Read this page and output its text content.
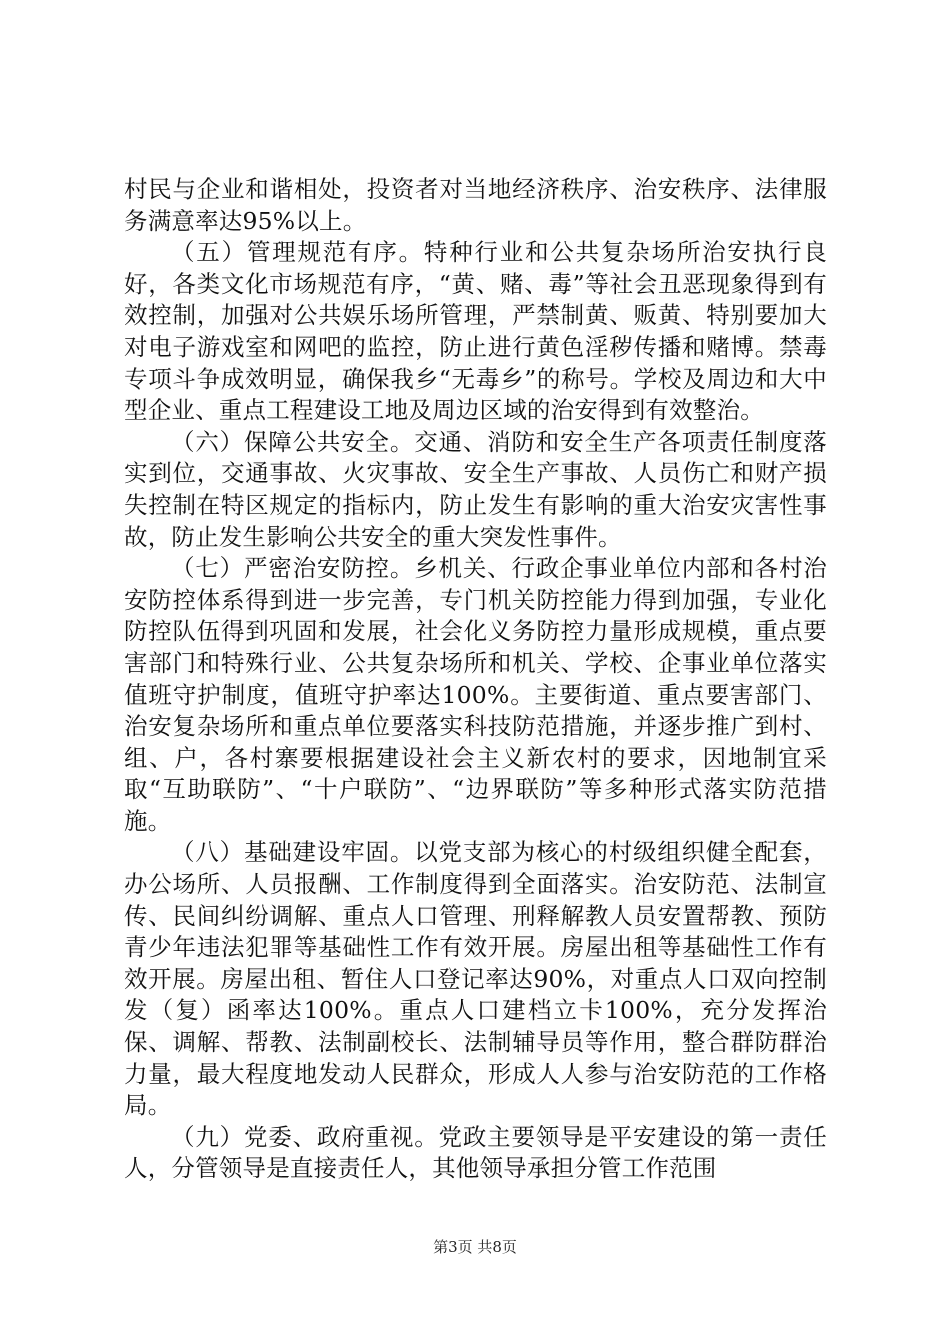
村民与企业和谐相处，投资者对当地经济秩序、治安秩序、法律服务满意率达95%以上。

（五）管理规范有序。特种行业和公共复杂场所治安执行良好，各类文化市场规范有序，“黄、赌、毒”等社会丑恶现象得到有效控制，加强对公共娱乐场所管理，严禁制黄、贩黄、特别要加大对电子游戏室和网吧的监控，防止进行黄色淫秽传播和赌博。禁毒专项斗争成效明显，确保我乡“无毒乡”的称号。学校及周边和大中型企业、重点工程建设工地及周边区域的治安得到有效整治。

（六）保障公共安全。交通、消防和安全生产各项责任制度落实到位，交通事故、火灾事故、安全生产事故、人员伤亡和财产损失控制在特区规定的指标内，防止发生有影响的重大治安灾害性事故，防止发生影响公共安全的重大突发性事件。

（七）严密治安防控。乡机关、行政企事业单位内部和各村治安防控体系得到进一步完善，专门机关防控能力得到加强，专业化防控队伍得到巩固和发展，社会化义务防控力量形成规模，重点要害部门和特殊行业、公共复杂场所和机关、学校、企事业单位落实值班守护制度，值班守护率达100%。主要街道、重点要害部门、治安复杂场所和重点单位要落实科技防范措施，并逐步推广到村、组、户，各村寨要根据建设社会主义新农村的要求，因地制宜采取“互助联防”、“十户联防”、“边界联防”等多种形式落实防范措施。

（八）基础建设牢固。以党支部为核心的村级组织健全配套，办公场所、人员报酬、工作制度得到全面落实。治安防范、法制宣传、民间纠纷调解、重点人口管理、刑释解教人员安置帮教、预防青少年违法犯罪等基础性工作有效开展。房屋出租等基础性工作有效开展。房屋出租、暂住人口登记率达90%，对重点人口双向控制发（复）函率达100%。重点人口建档立卡100%，充分发挥治保、调解、帮教、法制副校长、法制辅导员等作用，整合群防群治力量，最大程度地发动人民群众，形成人人参与治安防范的工作格局。

（九）党委、政府重视。党政主要领导是平安建设的第一责任人，分管领导是直接责任人，其他领导承担分管工作范围

第3页 共8页
